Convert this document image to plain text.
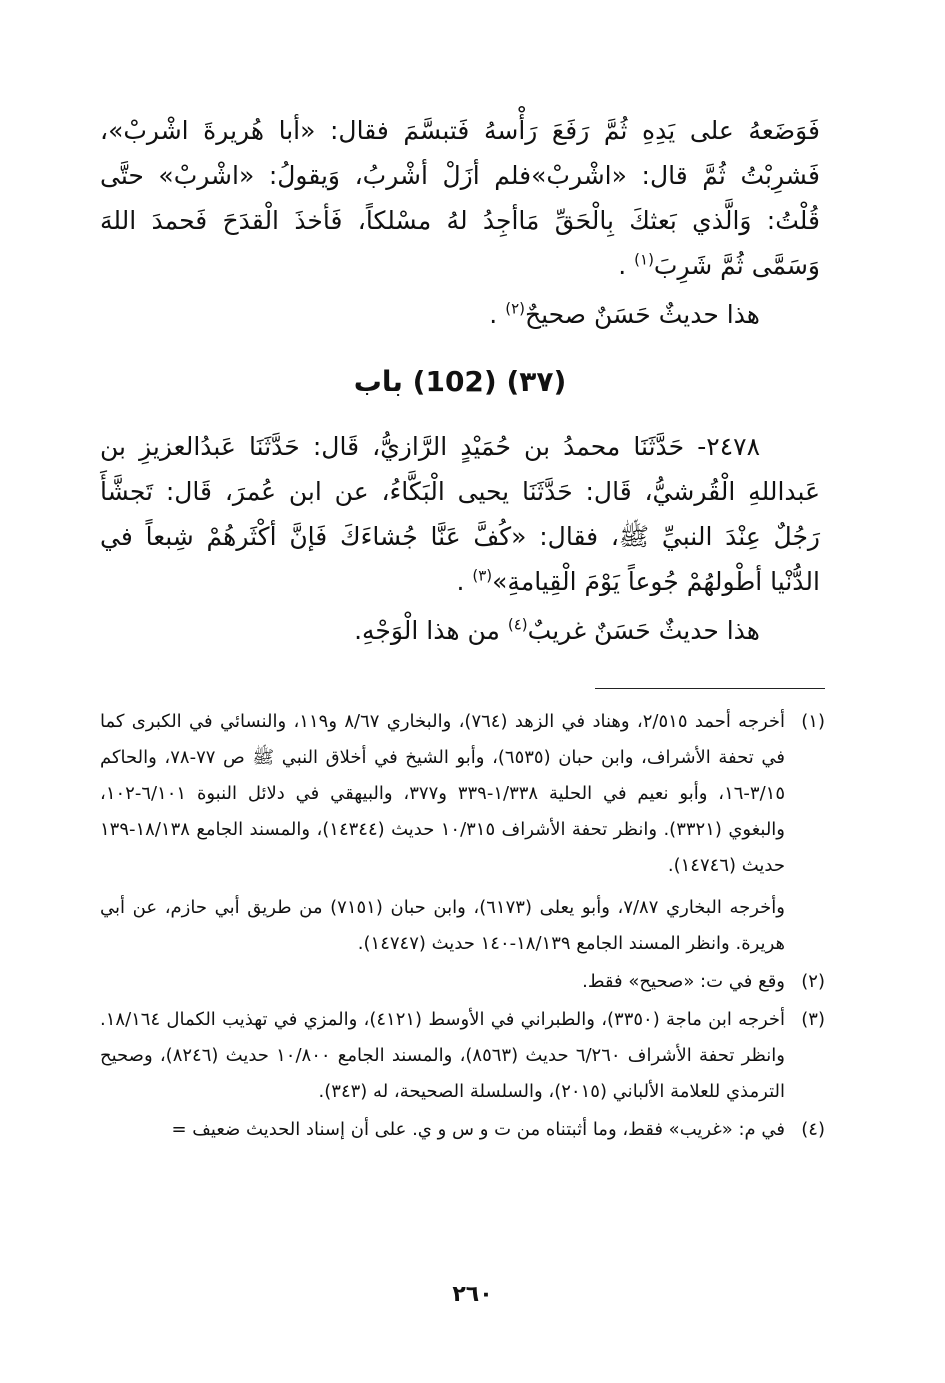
فَوَضَعهُ على يَدِهِ ثُمَّ رَفَعَ رَأْسهُ فَتبسَّمَ فقال: «أبا هُريرةَ اشْربْ»، فَشرِبْتُ ثُمَّ قال: «اشْربْ»فلم أزَلْ أشْربُ، وَيقولُ: «اشْربْ» حتَّى قُلْتُ: وَالَّذي بَعثكَ بِالْحَقِّ مَاأجِدُ لهُ مسْلكاً، فَأخذَ الْقدَحَ فَحمدَ اللهَ وَسَمَّى ثُمَّ شَرِبَ$^{(١)}$ .

هذا حديثٌ حَسَنٌ صحيحٌ$^{(٢)}$ .

(٣٧) (102) باب

٢٤٧٨- حَدَّثَنَا محمدُ بن حُمَيْدٍ الرَّازيُّ، قَال: حَدَّثَنَا عَبدُالعزيزِ بن عَبداللهِ الْقُرشيُّ، قَال: حَدَّثَنَا يحيى الْبَكَّاءُ، عن ابن عُمرَ، قَال: تَجشَّأَ رَجُلٌ عِنْدَ النبيِّ ﷺ، فقال: «كُفَّ عَنَّا جُشاءَكَ فَإنَّ أكْثَرهُمْ شِبعاً في الدُّنْيا أطْولهُمْ جُوعاً يَوْمَ الْقِيامةِ»$^{(٣)}$ .

هذا حديثٌ حَسَنٌ غريبٌ$^{(٤)}$ من هذا الْوَجْهِ.

(١)
أخرجه أحمد ٢/٥١٥، وهناد في الزهد (٧٦٤)، والبخاري ٨/٦٧ و١١٩، والنسائي في الكبرى كما في تحفة الأشراف، وابن حبان (٦٥٣٥)، وأبو الشيخ في أخلاق النبي ﷺ ص ٧٧-٧٨، والحاكم ٣/١٥-١٦، وأبو نعيم في الحلية ١/٣٣٨-٣٣٩ و٣٧٧، والبيهقي في دلائل النبوة ٦/١٠١-١٠٢، والبغوي (٣٣٢١). وانظر تحفة الأشراف ١٠/٣١٥ حديث (١٤٣٤٤)، والمسند الجامع ١٨/١٣٨-١٣٩ حديث (١٤٧٤٦).
وأخرجه البخاري ٧/٨٧، وأبو يعلى (٦١٧٣)، وابن حبان (٧١٥١) من طريق أبي حازم، عن أبي هريرة. وانظر المسند الجامع ١٨/١٣٩-١٤٠ حديث (١٤٧٤٧).
(٢)
وقع في ت: «صحيح» فقط.
(٣)
أخرجه ابن ماجة (٣٣٥٠)، والطبراني في الأوسط (٤١٢١)، والمزي في تهذيب الكمال ١٨/١٦٤. وانظر تحفة الأشراف ٦/٢٦٠ حديث (٨٥٦٣)، والمسند الجامع ١٠/٨٠٠ حديث (٨٢٤٦)، وصحيح الترمذي للعلامة الألباني (٢٠١٥)، والسلسلة الصحيحة، له (٣٤٣).
(٤)
في م: «غريب» فقط، وما أثبتناه من ت و س و ي. على أن إسناد الحديث ضعيف =
٢٦٠
